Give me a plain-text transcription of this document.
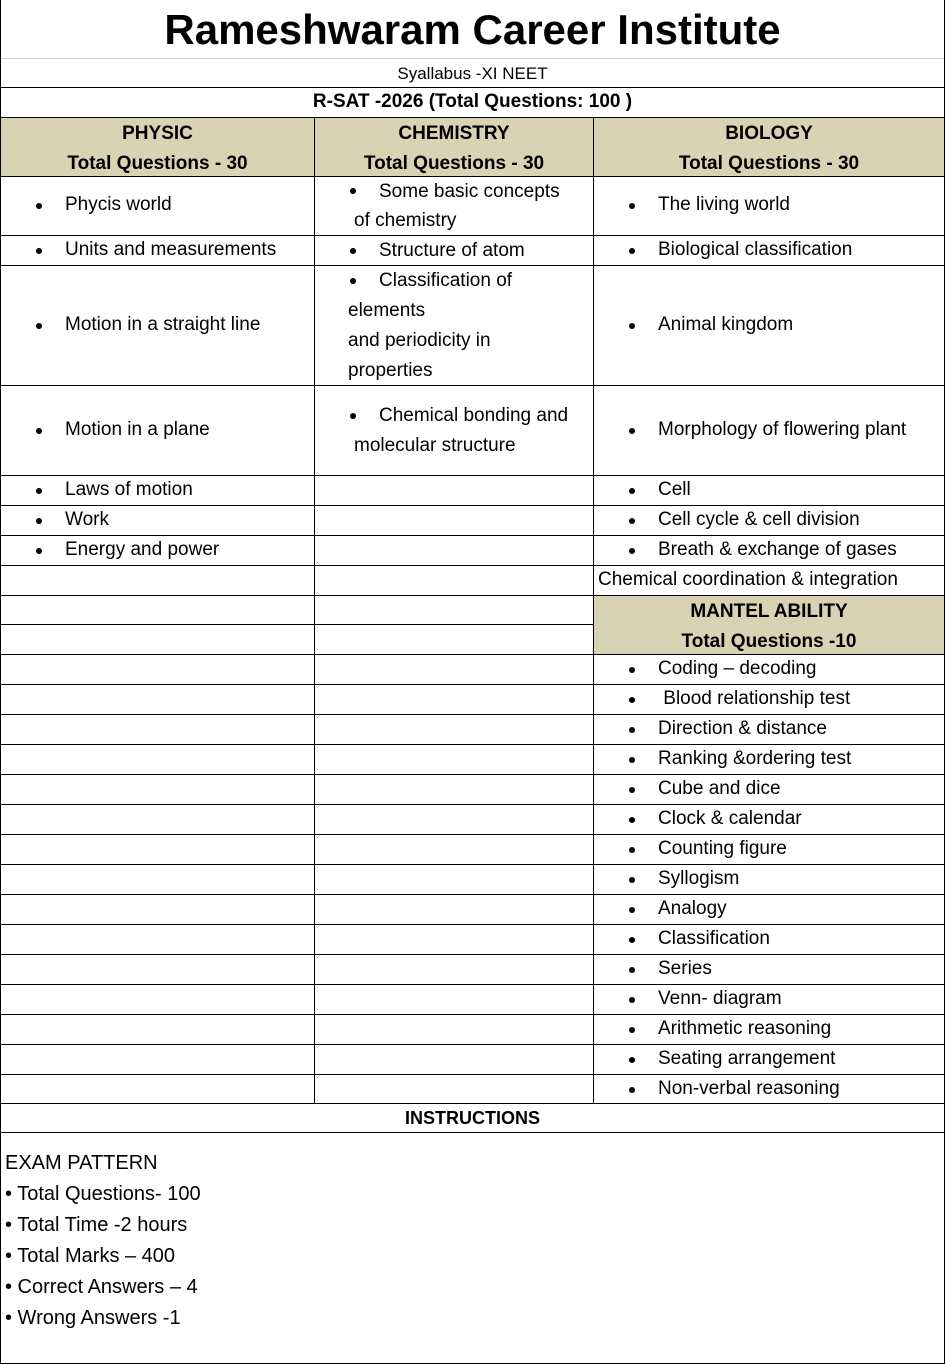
Rameshwaram Career Institute
Syallabus -XI NEET
R-SAT -2026 (Total Questions: 100 )
PHYSIC
Total Questions - 30
CHEMISTRY
Total Questions - 30
BIOLOGY
Total Questions - 30
MANTEL ABILITY
Total Questions -10
Phycis world
Units and measurements
Motion in a straight line
Motion in a plane
Laws of motion
Work
Energy and power
Some basic concepts
of chemistry
Structure of atom
Classification of
elements
and periodicity in
properties
Chemical bonding and
molecular structure
The living world
Biological classification
Animal kingdom
Morphology of flowering plant
Cell
Cell cycle & cell division
Breath & exchange of gases
Chemical coordination & integration
Coding – decoding
Blood relationship test
Direction & distance
Ranking &ordering test
Cube and dice
Clock & calendar
Counting figure
Syllogism
Analogy
Classification
Series
Venn- diagram
Arithmetic reasoning
Seating arrangement
Non-verbal reasoning
INSTRUCTIONS
EXAM PATTERN
• Total Questions- 100
• Total Time -2 hours
• Total Marks – 400
• Correct Answers – 4
• Wrong Answers -1
